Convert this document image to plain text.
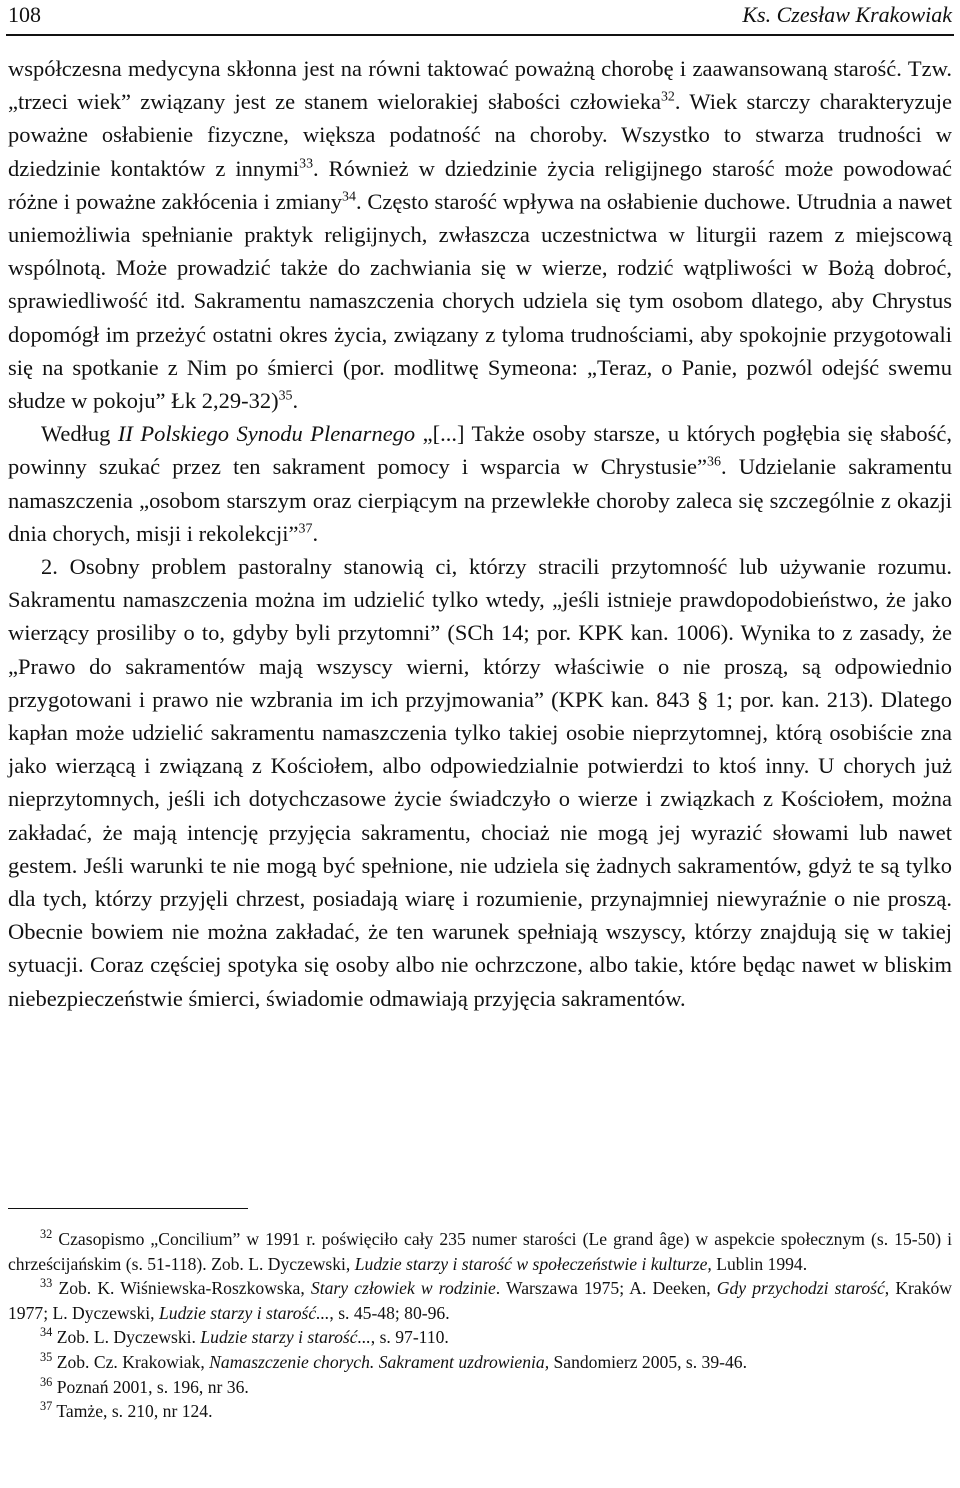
108	Ks. Czesław Krakowiak

współczesna medycyna skłonna jest na równi taktować poważną chorobę i zaawansowaną starość. Tzw. „trzeci wiek” związany jest ze stanem wielorakiej słabości człowieka$^{32}$. Wiek starczy charakteryzuje poważne osłabienie fizyczne, większa podatność na choroby. Wszystko to stwarza trudności w dziedzinie kontaktów z innymi$^{33}$. Również w dziedzinie życia religijnego starość może powodować różne i poważne zakłócenia i zmiany$^{34}$. Często starość wpływa na osłabienie duchowe. Utrudnia a nawet uniemożliwia spełnianie praktyk religijnych, zwłaszcza uczestnictwa w liturgii razem z miejscową wspólnotą. Może prowadzić także do zachwiania się w wierze, rodzić wątpliwości w Bożą dobroć, sprawiedliwość itd. Sakramentu namaszczenia chorych udziela się tym osobom dlatego, aby Chrystus dopomógł im przeżyć ostatni okres życia, związany z tyloma trudnościami, aby spokojnie przygotowali się na spotkanie z Nim po śmierci (por. modlitwę Symeona: „Teraz, o Panie, pozwól odejść swemu słudze w pokoju” Łk 2,29-32)$^{35}$.

Według II Polskiego Synodu Plenarnego „[...] Także osoby starsze, u których pogłębia się słabość, powinny szukać przez ten sakrament pomocy i wsparcia w Chrystusie”$^{36}$. Udzielanie sakramentu namaszczenia „osobom starszym oraz cierpiącym na przewlekłe choroby zaleca się szczególnie z okazji dnia chorych, misji i rekolekcji”$^{37}$.

2. Osobny problem pastoralny stanowią ci, którzy stracili przytomność lub używanie rozumu. Sakramentu namaszczenia można im udzielić tylko wtedy, „jeśli istnieje prawdopodobieństwo, że jako wierzący prosiliby o to, gdyby byli przytomni” (SCh 14; por. KPK kan. 1006). Wynika to z zasady, że „Prawo do sakramentów mają wszyscy wierni, którzy właściwie o nie proszą, są odpowiednio przygotowani i prawo nie wzbrania im ich przyjmowania” (KPK kan. 843 § 1; por. kan. 213). Dlatego kapłan może udzielić sakramentu namaszczenia tylko takiej osobie nieprzytomnej, którą osobiście zna jako wierzącą i związaną z Kościołem, albo odpowiedzialnie potwierdzi to ktoś inny. U chorych już nieprzytomnych, jeśli ich dotychczasowe życie świadczyło o wierze i związkach z Kościołem, można zakładać, że mają intencję przyjęcia sakramentu, chociaż nie mogą jej wyrazić słowami lub nawet gestem. Jeśli warunki te nie mogą być spełnione, nie udziela się żadnych sakramentów, gdyż te są tylko dla tych, którzy przyjęli chrzest, posiadają wiarę i rozumienie, przynajmniej niewyraźnie o nie proszą. Obecnie bowiem nie można zakładać, że ten warunek spełniają wszyscy, którzy znajdują się w takiej sytuacji. Coraz częściej spotyka się osoby albo nie ochrzczone, albo takie, które będąc nawet w bliskim niebezpieczeństwie śmierci, świadomie odmawiają przyjęcia sakramentów.

$^{32}$ Czasopismo „Concilium” w 1991 r. poświęciło cały 235 numer starości (Le grand âge) w aspekcie społecznym (s. 15-50) i chrześcijańskim (s. 51-118). Zob. L. Dyczewski, Ludzie starzy i starość w społeczeństwie i kulturze, Lublin 1994.

$^{33}$ Zob. K. Wiśniewska-Roszkowska, Stary człowiek w rodzinie. Warszawa 1975; A. Deeken, Gdy przychodzi starość, Kraków 1977; L. Dyczewski, Ludzie starzy i starość..., s. 45-48; 80-96.

$^{34}$ Zob. L. Dyczewski. Ludzie starzy i starość..., s. 97-110.

$^{35}$ Zob. Cz. Krakowiak, Namaszczenie chorych. Sakrament uzdrowienia, Sandomierz 2005, s. 39-46.

$^{36}$ Poznań 2001, s. 196, nr 36.

$^{37}$ Tamże, s. 210, nr 124.
